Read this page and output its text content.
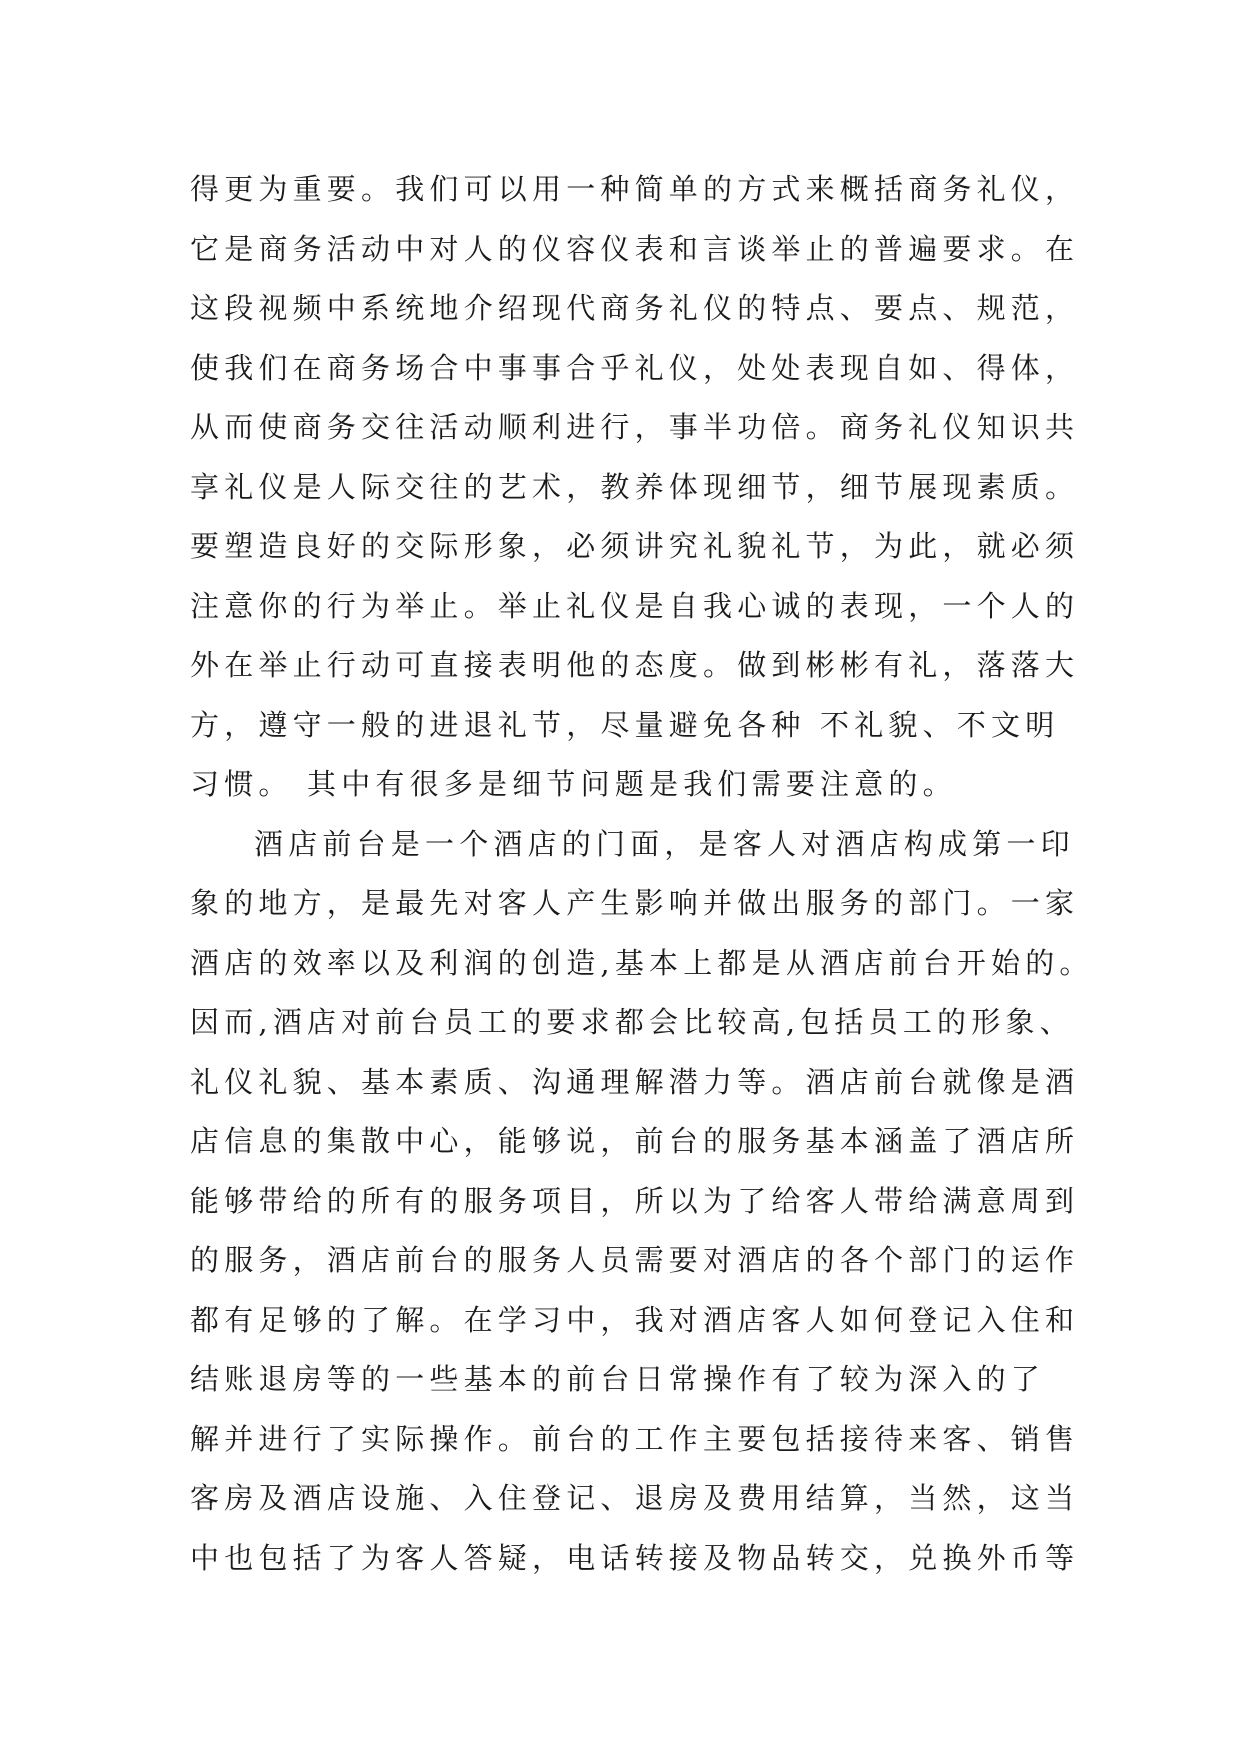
得更为重要。我们可以用一种简单的方式来概括商务礼仪，
它是商务活动中对人的仪容仪表和言谈举止的普遍要求。在
这段视频中系统地介绍现代商务礼仪的特点、要点、规范，
使我们在商务场合中事事合乎礼仪，处处表现自如、得体，
从而使商务交往活动顺利进行，事半功倍。商务礼仪知识共
享礼仪是人际交往的艺术，教养体现细节，细节展现素质。
要塑造良好的交际形象，必须讲究礼貌礼节，为此，就必须
注意你的行为举止。举止礼仪是自我心诚的表现，一个人的
外在举止行动可直接表明他的态度。做到彬彬有礼，落落大
方，遵守一般的进退礼节，尽量避免各种 不礼貌、不文明
习惯。 其中有很多是细节问题是我们需要注意的。
酒店前台是一个酒店的门面，是客人对酒店构成第一印
象的地方，是最先对客人产生影响并做出服务的部门。一家
酒店的效率以及利润的创造,基本上都是从酒店前台开始的。
因而,酒店对前台员工的要求都会比较高,包括员工的形象、
礼仪礼貌、基本素质、沟通理解潜力等。酒店前台就像是酒
店信息的集散中心，能够说，前台的服务基本涵盖了酒店所
能够带给的所有的服务项目，所以为了给客人带给满意周到
的服务，酒店前台的服务人员需要对酒店的各个部门的运作
都有足够的了解。在学习中，我对酒店客人如何登记入住和
结账退房等的一些基本的前台日常操作有了较为深入的了
解并进行了实际操作。前台的工作主要包括接待来客、销售
客房及酒店设施、入住登记、退房及费用结算，当然，这当
中也包括了为客人答疑，电话转接及物品转交，兑换外币等
